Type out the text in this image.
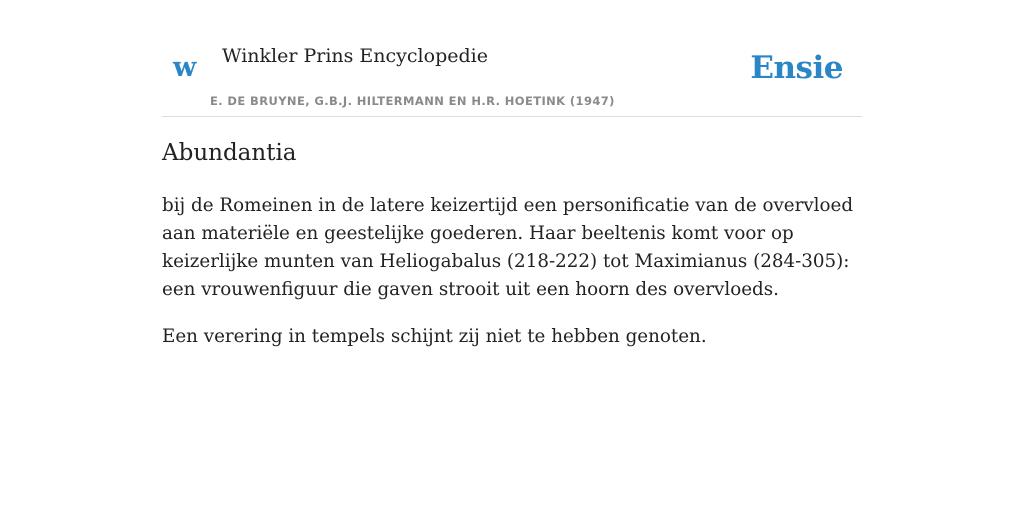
w Winkler Prins Encyclopedie
E. DE BRUYNE, G.B.J. HILTERMANN EN H.R. HOETINK (1947)
Ensie
Abundantia

bij de Romeinen in de latere keizertijd een personificatie van de overvloed aan materiële en geestelijke goederen. Haar beeltenis komt voor op keizerlijke munten van Heliogabalus (218-222) tot Maximianus (284-305): een vrouwenfiguur die gaven strooit uit een hoorn des overvloeds.

Een verering in tempels schijnt zij niet te hebben genoten.
